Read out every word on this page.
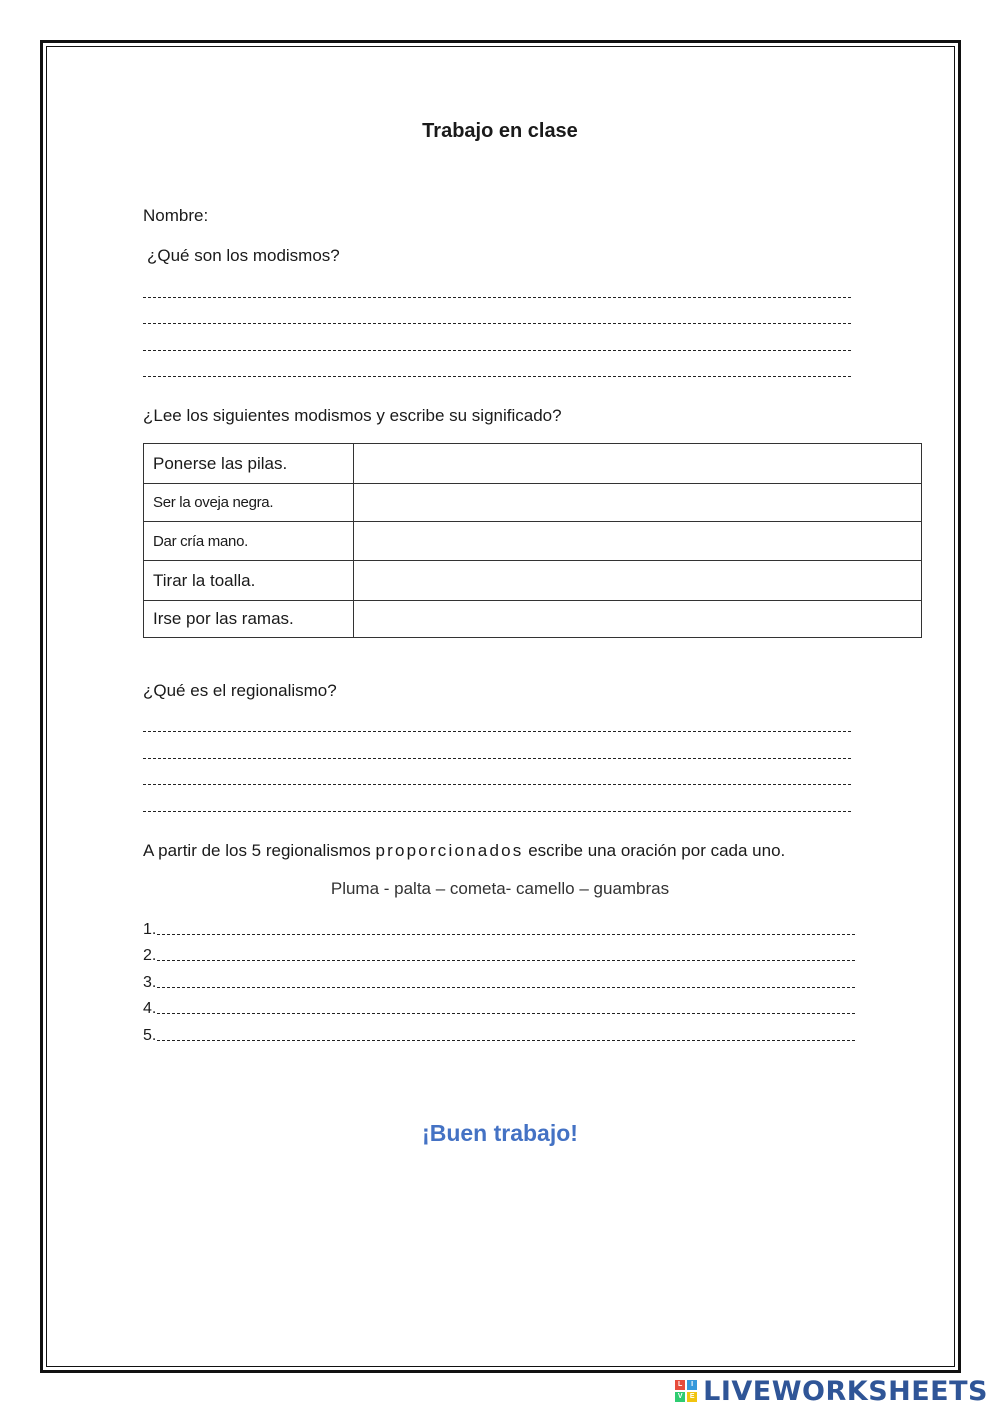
Trabajo en clase
Nombre:
¿Qué son los modismos?
¿Lee los siguientes modismos y escribe su significado?
Ponerse las pilas.	
Ser la oveja negra.	
Dar cría mano.	
Tirar la toalla.	
Irse por las ramas.	
¿Qué es el regionalismo?
A partir de los 5 regionalismos proporcionados escribe una oración por cada uno.
Pluma - palta – cometa- camello – guambras
1.
2.
3.
4.
5.
¡Buen trabajo!
L	I
V	E LIVEWORKSHEETS
